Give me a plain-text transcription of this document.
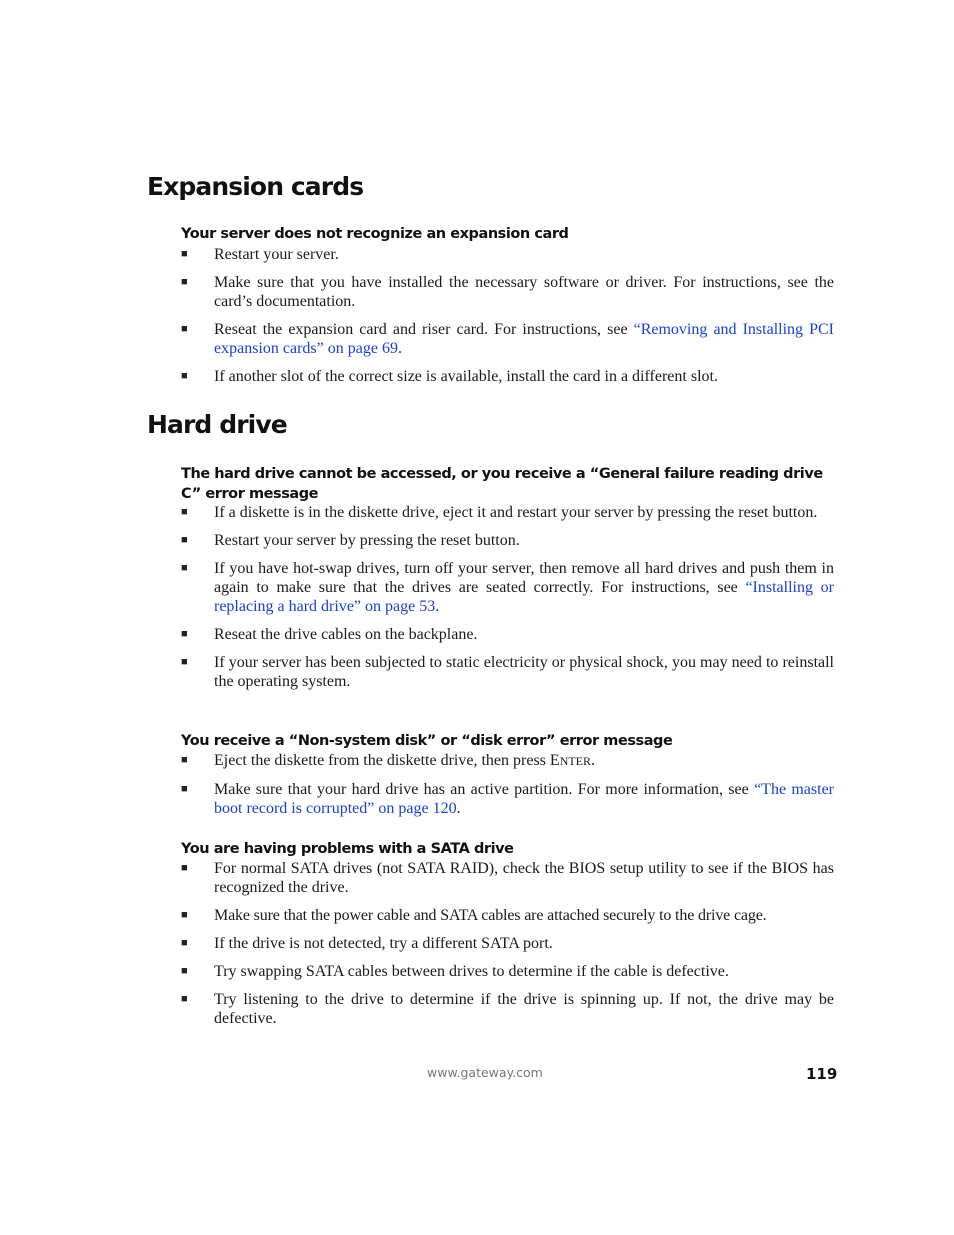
Expansion cards
Your server does not recognize an expansion card
■ Restart your server.
■ Make sure that you have installed the necessary software or driver. For instructions, see the card’s documentation.
■ Reseat the expansion card and riser card. For instructions, see “Removing and Installing PCI expansion cards” on page 69.
■ If another slot of the correct size is available, install the card in a different slot.
Hard drive
The hard drive cannot be accessed, or you receive a “General failure reading drive C” error message
■ If a diskette is in the diskette drive, eject it and restart your server by pressing the reset button.
■ Restart your server by pressing the reset button.
■ If you have hot-swap drives, turn off your server, then remove all hard drives and push them in again to make sure that the drives are seated correctly. For instructions, see “Installing or replacing a hard drive” on page 53.
■ Reseat the drive cables on the backplane.
■ If your server has been subjected to static electricity or physical shock, you may need to reinstall the operating system.
You receive a “Non-system disk” or “disk error” error message
■ Eject the diskette from the diskette drive, then press ENTER.
■ Make sure that your hard drive has an active partition. For more information, see “The master boot record is corrupted” on page 120.
You are having problems with a SATA drive
■ For normal SATA drives (not SATA RAID), check the BIOS setup utility to see if the BIOS has recognized the drive.
■ Make sure that the power cable and SATA cables are attached securely to the drive cage.
■ If the drive is not detected, try a different SATA port.
■ Try swapping SATA cables between drives to determine if the cable is defective.
■ Try listening to the drive to determine if the drive is spinning up. If not, the drive may be defective.
www.gateway.com	119
